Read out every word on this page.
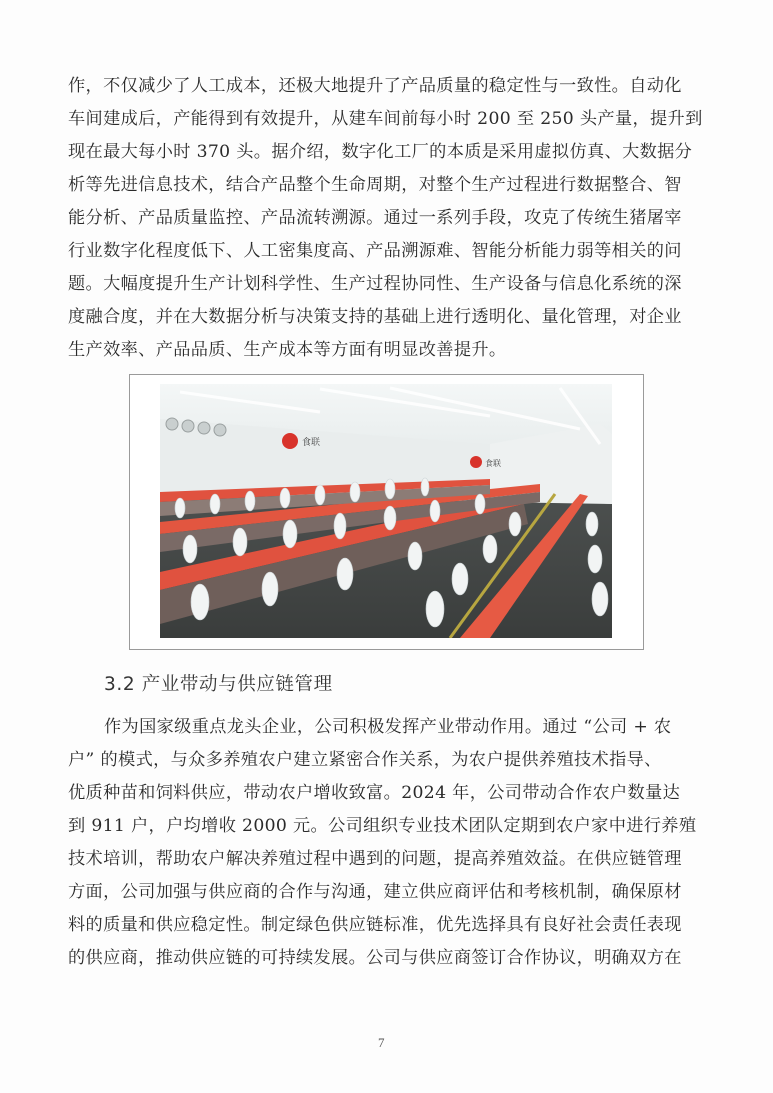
作，不仅减少了人工成本，还极大地提升了产品质量的稳定性与一致性。自动化
车间建成后，产能得到有效提升，从建车间前每小时 200 至 250 头产量，提升到
现在最大每小时 370 头。据介绍，数字化工厂的本质是采用虚拟仿真、大数据分
析等先进信息技术，结合产品整个生命周期，对整个生产过程进行数据整合、智
能分析、产品质量监控、产品流转溯源。通过一系列手段，攻克了传统生猪屠宰
行业数字化程度低下、人工密集度高、产品溯源难、智能分析能力弱等相关的问
题。大幅度提升生产计划科学性、生产过程协同性、生产设备与信息化系统的深
度融合度，并在大数据分析与决策支持的基础上进行透明化、量化管理，对企业
生产效率、产品品质、生产成本等方面有明显改善提升。
食联
食联
3.2 产业带动与供应链管理
作为国家级重点龙头企业，公司积极发挥产业带动作用。通过 “公司 + 农
户” 的模式，与众多养殖农户建立紧密合作关系，为农户提供养殖技术指导、
优质种苗和饲料供应，带动农户增收致富。2024 年，公司带动合作农户数量达
到 911 户，户均增收 2000 元。公司组织专业技术团队定期到农户家中进行养殖
技术培训，帮助农户解决养殖过程中遇到的问题，提高养殖效益。在供应链管理
方面，公司加强与供应商的合作与沟通，建立供应商评估和考核机制，确保原材
料的质量和供应稳定性。制定绿色供应链标准，优先选择具有良好社会责任表现
的供应商，推动供应链的可持续发展。公司与供应商签订合作协议，明确双方在
7
